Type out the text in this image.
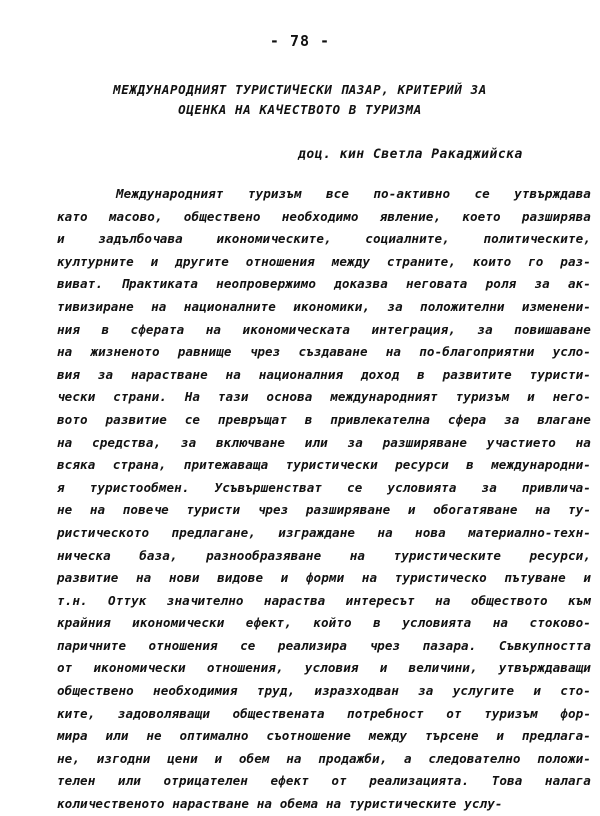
- 78 -
МЕЖДУНАРОДНИЯТ ТУРИСТИЧЕСКИ ПАЗАР, КРИТЕРИЙ ЗА
ОЦЕНКА НА КАЧЕСТВОТО В ТУРИЗМА
доц. кин Светла Ракаджийска
Международният туризъм все по-активно се утвърждава
като масово, обществено необходимо явление, което разширява
и задълбочава икономическите, социалните, политическите,
културните и другите отношения между страните, които го раз-
виват. Практиката неопровержимо доказва неговата роля за ак-
тивизиране на националните икономики, за положителни изменени-
ния в сферата на икономическата интеграция, за повишаване
на жизненото равнище чрез създаване на по-благоприятни усло-
вия за нарастване на националния доход в развитите туристи-
чески страни. На тази основа международният туризъм и него-
вото развитие се превръщат в привлекателна сфера за влагане
на средства, за включване или за разширяване участието на
всяка страна, притежаваща туристически ресурси в международни-
я туристообмен. Усъвършенстват се условията за привлича-
не на повече туристи чрез разширяване и обогатяване на ту-
ристическото предлагане, изграждане на нова материално-техн-
ническа база, разнообразяване на туристическите ресурси,
развитие на нови видове и форми на туристическо пътуване и
т.н. Оттук значително нараства интересът на обществото към
крайния икономически ефект, който в условията на стоково-
паричните отношения се реализира чрез пазара. Съвкупността
от икономически отношения, условия и величини, утвърждаващи
обществено необходимия труд, изразходван за услугите и сто-
ките, задоволяващи обществената потребност от туризъм фор-
мира или не оптимално съотношение между търсене и предлага-
не, изгодни цени и обем на продажби, а следователно положи-
телен или отрицателен ефект от реализацията. Това налага
количественото нарастване на обема на туристическите услу-
